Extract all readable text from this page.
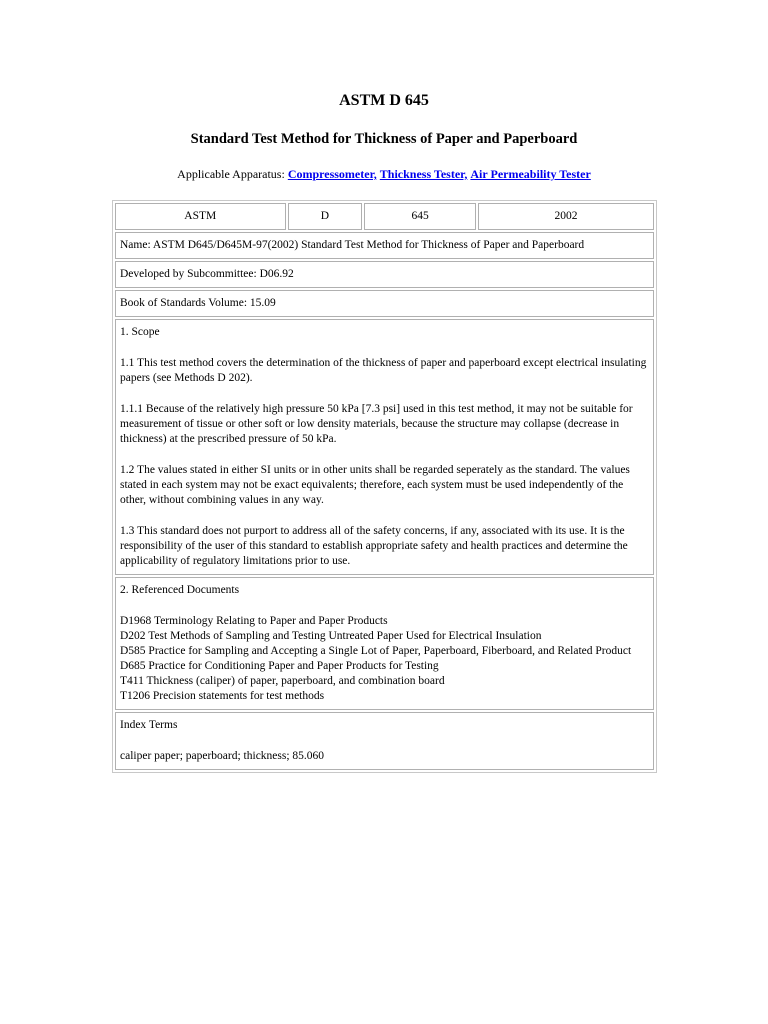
ASTM D 645
Standard Test Method for Thickness of Paper and Paperboard
Applicable Apparatus: Compressometer, Thickness Tester, Air Permeability Tester
ASTM	D	645	2002

Name: ASTM D645/D645M-97(2002) Standard Test Method for Thickness of Paper and Paperboard
Developed by Subcommittee: D06.92
Book of Standards Volume: 15.09

1. Scope

1.1 This test method covers the determination of the thickness of paper and paperboard except electrical insulating papers (see Methods D 202).

1.1.1 Because of the relatively high pressure 50 kPa [7.3 psi] used in this test method, it may not be suitable for measurement of tissue or other soft or low density materials, because the structure may collapse (decrease in thickness) at the prescribed pressure of 50 kPa.

1.2 The values stated in either SI units or in other units shall be regarded seperately as the standard. The values stated in each system may not be exact equivalents; therefore, each system must be used independently of the other, without combining values in any way.

1.3 This standard does not purport to address all of the safety concerns, if any, associated with its use. It is the responsibility of the user of this standard to establish appropriate safety and health practices and determine the applicability of regulatory limitations prior to use.

2. Referenced Documents

D1968 Terminology Relating to Paper and Paper Products
D202 Test Methods of Sampling and Testing Untreated Paper Used for Electrical Insulation
D585 Practice for Sampling and Accepting a Single Lot of Paper, Paperboard, Fiberboard, and Related Product
D685 Practice for Conditioning Paper and Paper Products for Testing
T411 Thickness (caliper) of paper, paperboard, and combination board
T1206 Precision statements for test methods

Index Terms

caliper paper; paperboard; thickness; 85.060
